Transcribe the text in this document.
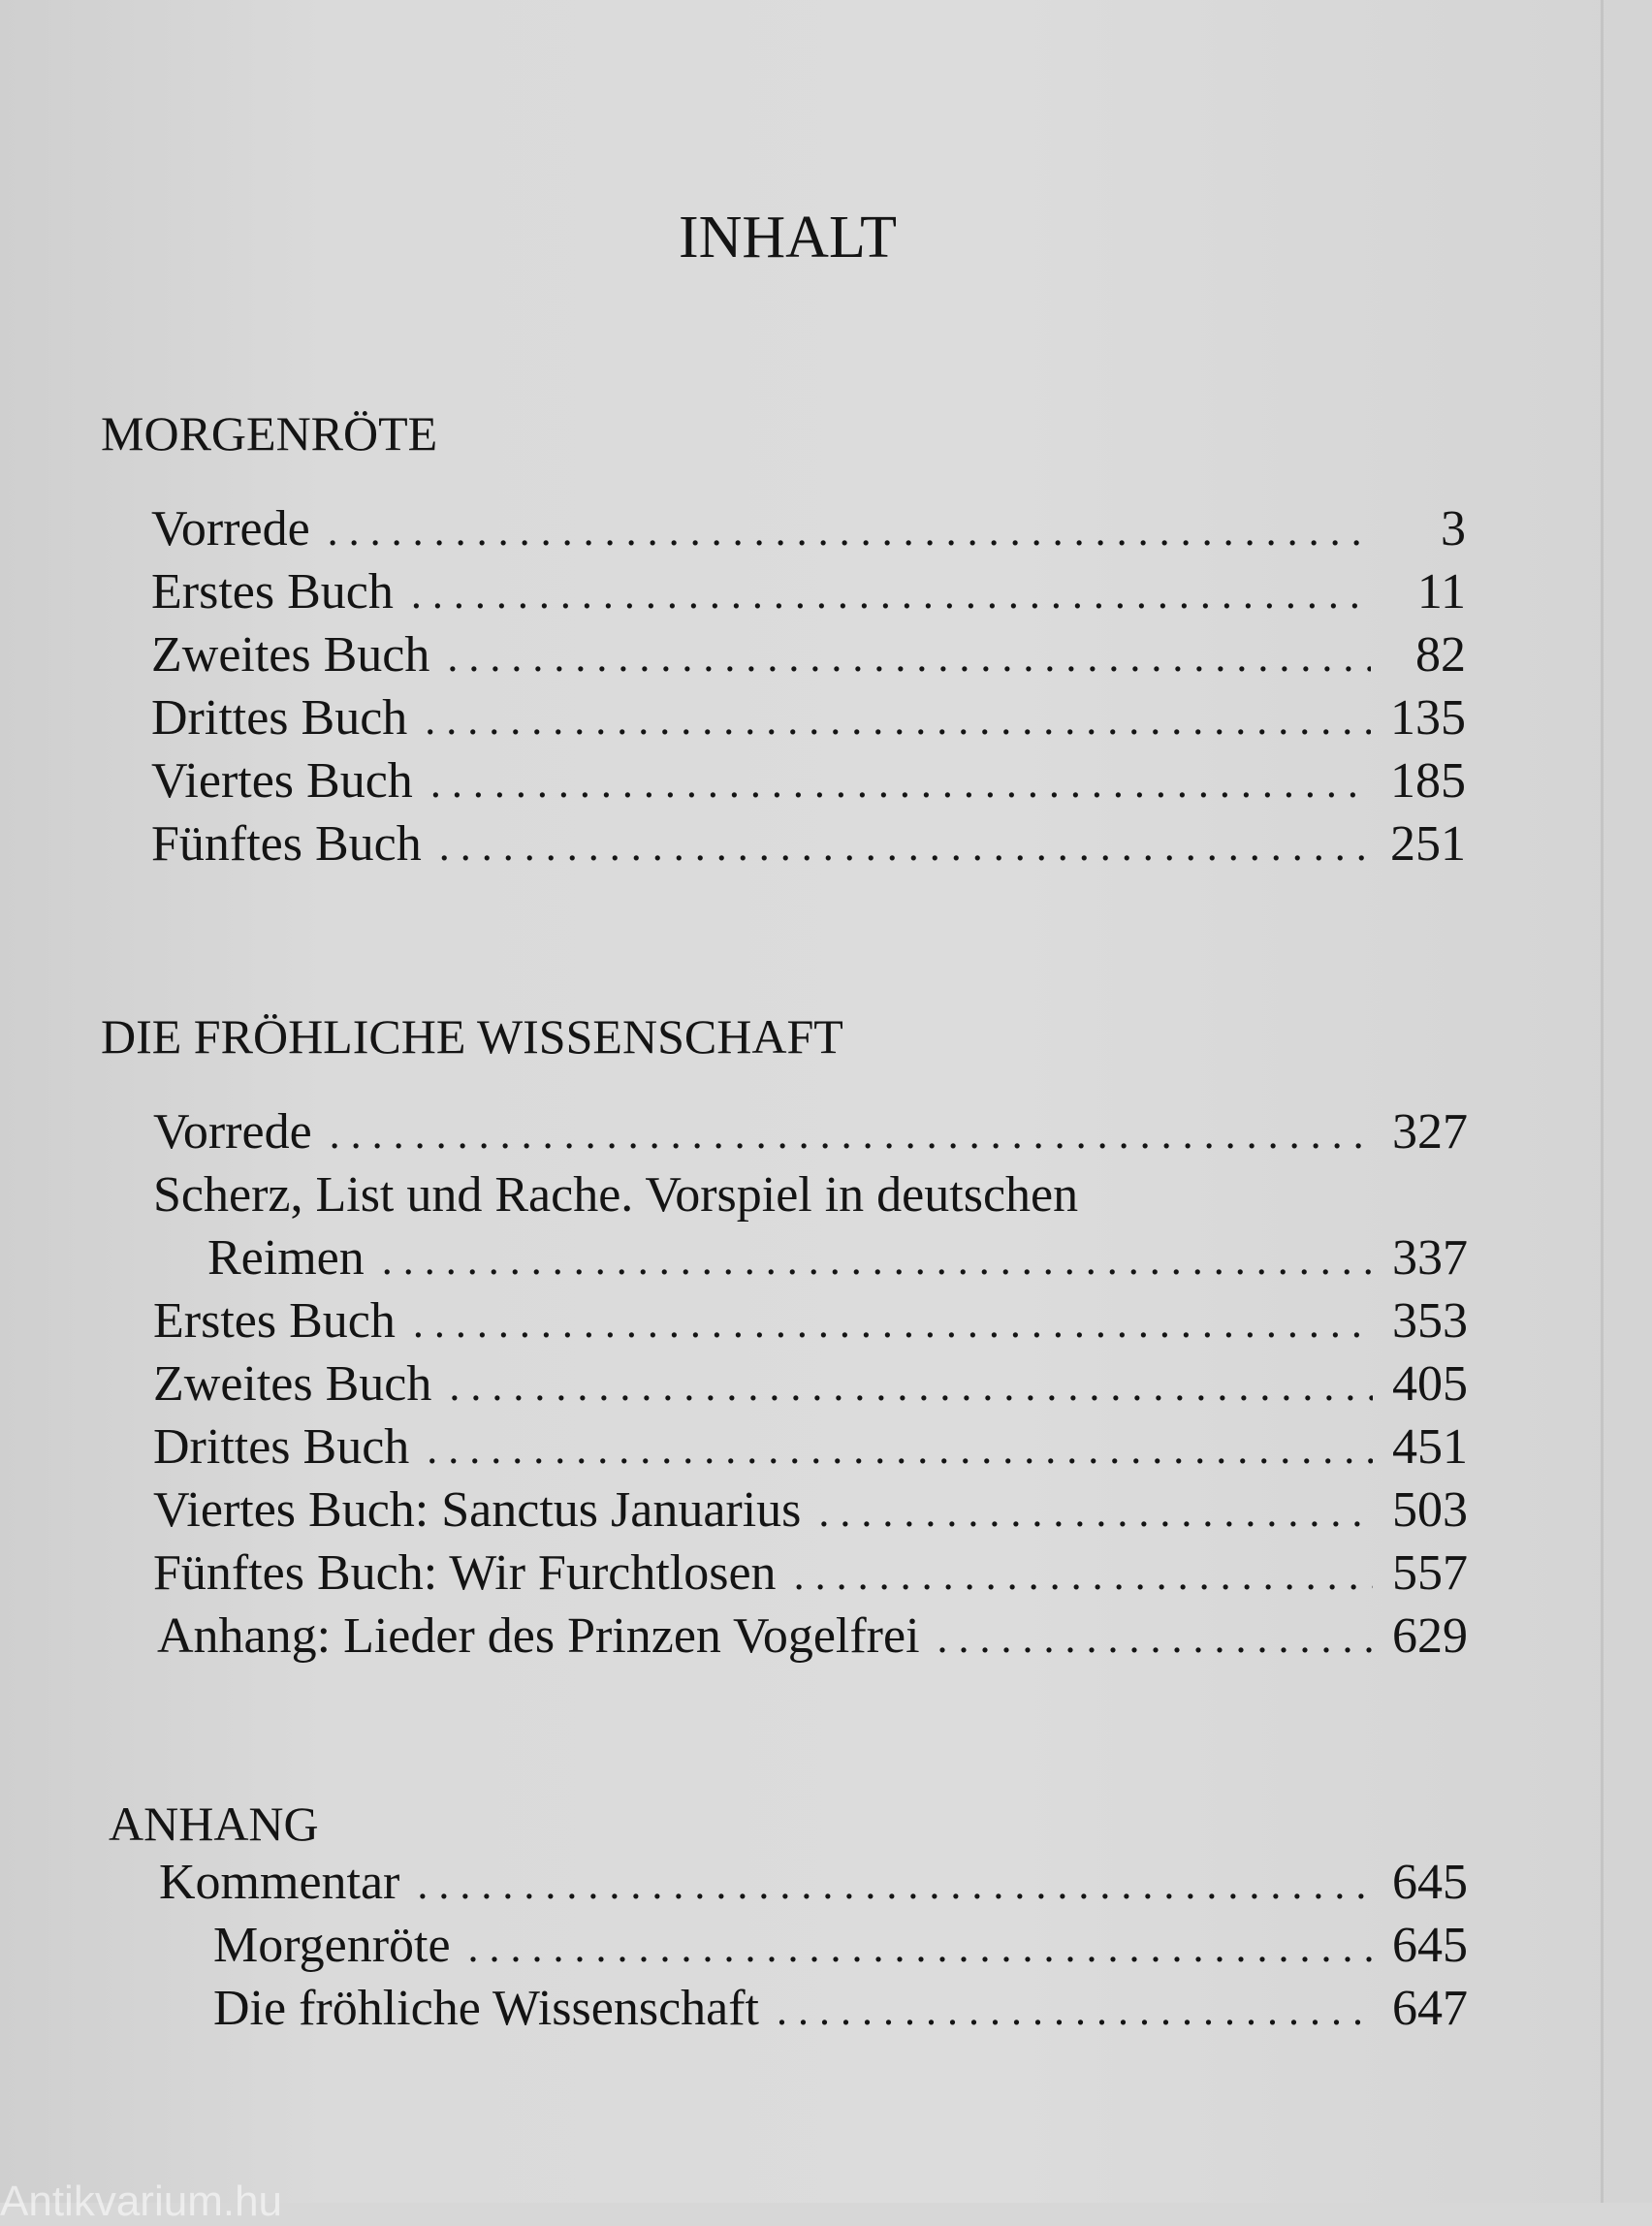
INHALT
MORGENRÖTE
Vorrede . . .	3
Erstes Buch . . .	11
Zweites Buch . . .	82
Drittes Buch . . .	135
Viertes Buch . . .	185
Fünftes Buch . . .	251
DIE FRÖHLICHE WISSENSCHAFT
Vorrede . . .	327
Scherz, List und Rache. Vorspiel in deutschen
Reimen . . .	337
Erstes Buch . . .	353
Zweites Buch . . .	405
Drittes Buch . . .	451
Viertes Buch: Sanctus Januarius . . .	503
Fünftes Buch: Wir Furchtlosen . . .	557
Anhang: Lieder des Prinzen Vogelfrei . . .	629
ANHANG
Kommentar . . .	645
Morgenröte . . .	645
Die fröhliche Wissenschaft . . .	647
Antikvarium.hu
